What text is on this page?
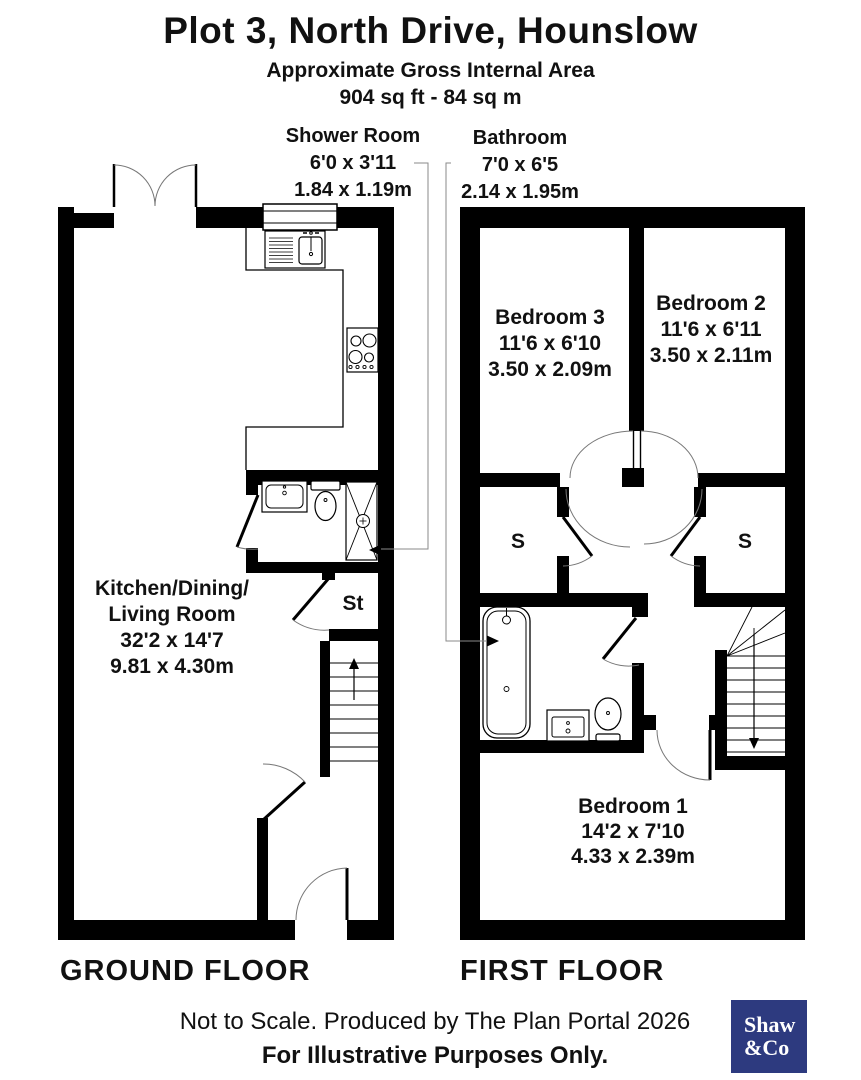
Plot 3, North Drive, Hounslow
Approximate Gross Internal Area
904 sq ft - 84 sq m
Shower Room
6'0 x 3'11
1.84 x 1.19m
Bathroom
7'0 x 6'5
2.14 x 1.95m
Bedroom 3
11'6 x 6'10
3.50 x 2.09m
Bedroom 2
11'6 x 6'11
3.50 x 2.11m
Kitchen/Dining/
Living Room
32'2 x 14'7
9.81 x 4.30m
St
S	S
Bedroom 1
14'2 x 7'10
4.33 x 2.39m
GROUND FLOOR	FIRST FLOOR
Not to Scale. Produced by The Plan Portal 2026
For Illustrative Purposes Only.
Shaw
&Co
